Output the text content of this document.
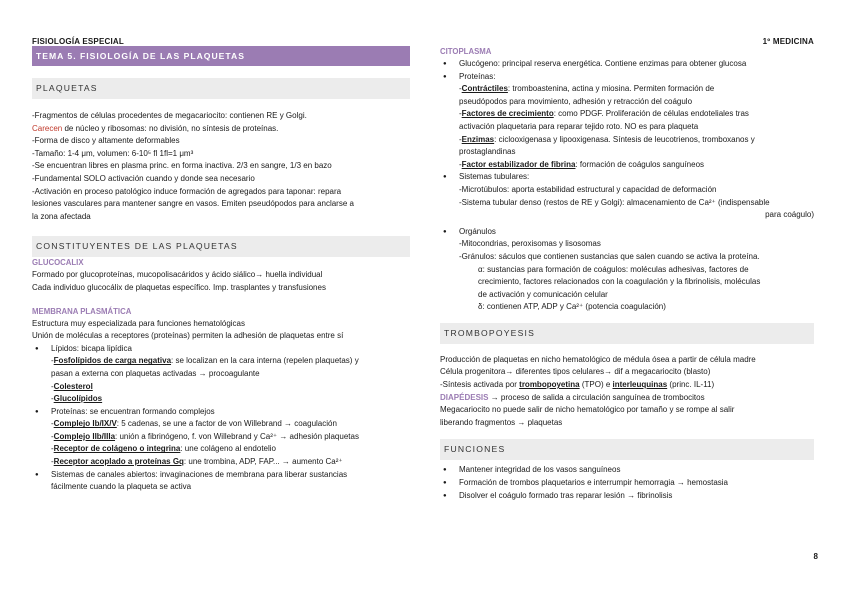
FISIOLOGÍA ESPECIAL	1º MEDICINA
TEMA 5. FISIOLOGÍA DE LAS PLAQUETAS
PLAQUETAS
-Fragmentos de células procedentes de megacariocito: contienen RE y Golgi.
Carecen de núcleo y ribosomas: no división, no síntesis de proteínas.
-Forma de disco y altamente deformables
-Tamaño: 1-4 μm, volumen: 6-10⁵ fl 1fl=1 μm³
-Se encuentran libres en plasma princ. en forma inactiva. 2/3 en sangre, 1/3 en bazo
-Fundamental SOLO activación cuando y donde sea necesario
-Activación en proceso patológico induce formación de agregados para taponar: repara
lesiones vasculares para mantener sangre en vasos. Emiten pseudópodos para anclarse a
la zona afectada
CONSTITUYENTES DE LAS PLAQUETAS
GLUCOCALIX
Formado por glucoproteínas, mucopolisacáridos y ácido siálico→ huella individual
Cada individuo glucocálix de plaquetas específico. Imp. trasplantes y transfusiones
MEMBRANA PLASMÁTICA
Estructura muy especializada para funciones hematológicas
Unión de moléculas a receptores (proteínas) permiten la adhesión de plaquetas entre sí
● Lípidos: bicapa lipídica
-Fosfolípidos de carga negativa: se localizan en la cara interna (repelen plaquetas) y
pasan a externa con plaquetas activadas → procoagulante
-Colesterol
-Glucolípidos
● Proteínas: se encuentran formando complejos
-Complejo Ib/IX/V: 5 cadenas, se une a factor de von Willebrand → coagulación
-Complejo IIb/IIIa: unión a fibrinógeno, f. von Willebrand y Ca²⁺ → adhesión plaquetas
-Receptor de colágeno o integrina: une colágeno al endotelio
-Receptor acoplado a proteínas Gq: une trombina, ADP, FAP... → aumento Ca²⁺
● Sistemas de canales abiertos: invaginaciones de membrana para liberar sustancias
fácilmente cuando la plaqueta se activa
CITOPLASMA
● Glucógeno: principal reserva energética. Contiene enzimas para obtener glucosa
● Proteínas:
-Contráctiles: tromboastenina, actina y miosina. Permiten formación de
pseudópodos para movimiento, adhesión y retracción del coágulo
-Factores de crecimiento: como PDGF. Proliferación de células endoteliales tras
activación plaquetaria para reparar tejido roto. NO es para plaqueta
-Enzimas: ciclooxigenasa y lipooxigenasa. Síntesis de leucotrienos, tromboxanos y
prostaglandinas
-Factor estabilizador de fibrina: formación de coágulos sanguíneos
● Sistemas tubulares:
-Microtúbulos: aporta estabilidad estructural y capacidad de deformación
-Sistema tubular denso (restos de RE y Golgi): almacenamiento de Ca²⁺ (indispensable
para coágulo)
● Orgánulos
-Mitocondrias, peroxisomas y lisosomas
-Gránulos: sáculos que contienen sustancias que salen cuando se activa la proteína.
α: sustancias para formación de coágulos: moléculas adhesivas, factores de
crecimiento, factores relacionados con la coagulación y la fibrinolisis, moléculas
de activación y comunicación celular
δ: contienen ATP, ADP y Ca²⁺ (potencia coagulación)
TROMBOPOYESIS
Producción de plaquetas en nicho hematológico de médula ósea a partir de célula madre
Célula progenitora→ diferentes tipos celulares→ dif a megacariocito (blasto)
-Síntesis activada por trombopoyetina (TPO) e interleuquinas (princ. IL-11)
DIAPÉDESIS → proceso de salida a circulación sanguínea de trombocitos
Megacariocito no puede salir de nicho hematológico por tamaño y se rompe al salir
liberando fragmentos → plaquetas
FUNCIONES
● Mantener integridad de los vasos sanguíneos
● Formación de trombos plaquetarios e interrumpir hemorragia → hemostasia
● Disolver el coágulo formado tras reparar lesión → fibrinolisis
8
